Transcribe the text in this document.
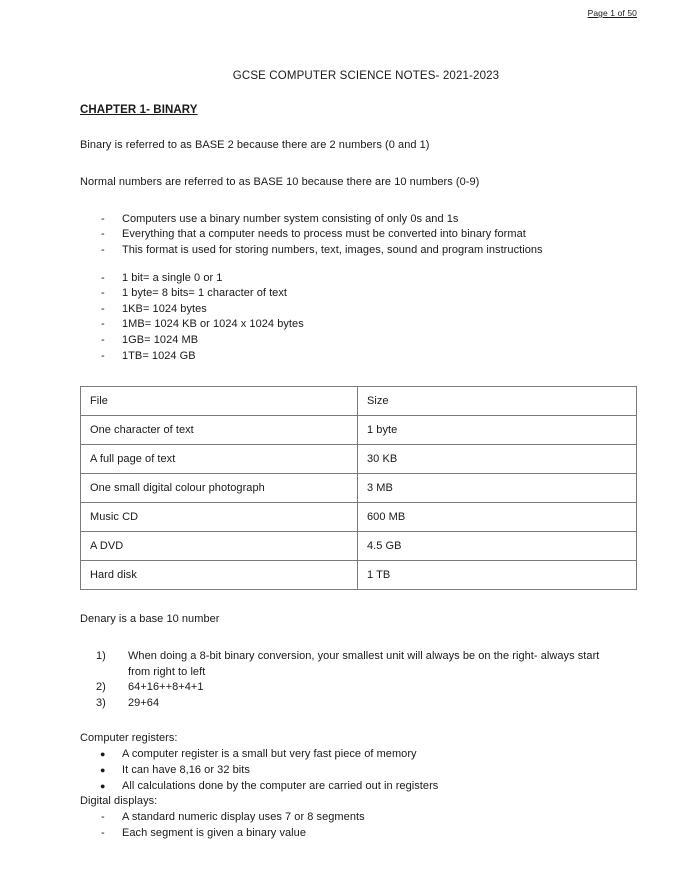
Page 1 of 50
GCSE COMPUTER SCIENCE NOTES- 2021-2023
CHAPTER 1- BINARY

Binary is referred to as BASE 2 because there are 2 numbers (0 and 1)

Normal numbers are referred to as BASE 10 because there are 10 numbers (0-9)

- Computers use a binary number system consisting of only 0s and 1s
- Everything that a computer needs to process must be converted into binary format
- This format is used for storing numbers, text, images, sound and program instructions
- 1 bit= a single 0 or 1
- 1 byte= 8 bits= 1 character of text
- 1KB= 1024 bytes
- 1MB= 1024 KB or 1024 x 1024 bytes
- 1GB= 1024 MB
- 1TB= 1024 GB
File	Size
One character of text	1 byte
A full page of text	30 KB
One small digital colour photograph	3 MB
Music CD	600 MB
A DVD	4.5 GB
Hard disk	1 TB

Denary is a base 10 number

1) When doing a 8-bit binary conversion, your smallest unit will always be on the right- always start from right to left
2) 64+16++8+4+1
3) 29+64

Computer registers:

● A computer register is a small but very fast piece of memory
● It can have 8,16 or 32 bits
● All calculations done by the computer are carried out in registers

Digital displays:

- A standard numeric display uses 7 or 8 segments
- Each segment is given a binary value
